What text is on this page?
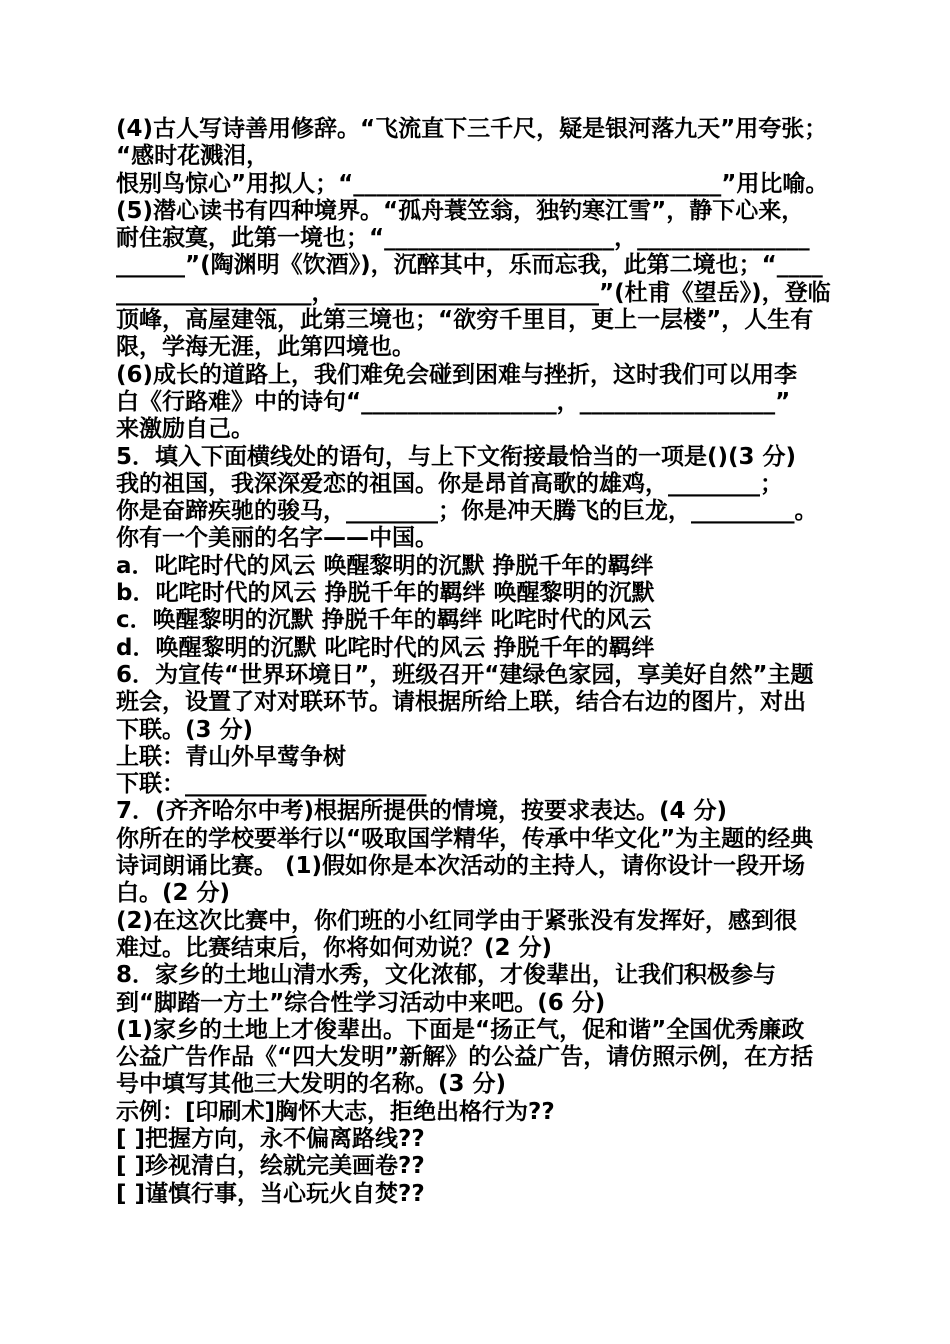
(4)古人写诗善用修辞。“飞流直下三千尺，疑是银河落九天”用夸张；
“感时花溅泪，
恨别鸟惊心”用拟人；“________________________________”用比喻。
(5)潜心读书有四种境界。“孤舟蓑笠翁，独钓寒江雪”，静下心来，
耐住寂寞，此第一境也；“____________________，_______________
______”(陶渊明《饮酒》)，沉醉其中，乐而忘我，此第二境也；“____
_________________，_______________________”(杜甫《望岳》)，登临
顶峰，高屋建瓴，此第三境也；“欲穷千里目，更上一层楼”，人生有
限，学海无涯，此第四境也。
(6)成长的道路上，我们难免会碰到困难与挫折，这时我们可以用李
白《行路难》中的诗句“_________________，_________________”
来激励自己。
5．填入下面横线处的语句，与上下文衔接最恰当的一项是()(3 分)
我的祖国，我深深爱恋的祖国。你是昂首高歌的雄鸡，________；
你是奋蹄疾驰的骏马，________；你是冲天腾飞的巨龙，_________。
你有一个美丽的名字——中国。
a．叱咤时代的风云 唤醒黎明的沉默 挣脱千年的羁绊
b．叱咤时代的风云 挣脱千年的羁绊 唤醒黎明的沉默
c．唤醒黎明的沉默 挣脱千年的羁绊 叱咤时代的风云
d．唤醒黎明的沉默 叱咤时代的风云 挣脱千年的羁绊
6．为宣传“世界环境日”，班级召开“建绿色家园，享美好自然”主题
班会，设置了对对联环节。请根据所给上联，结合右边的图片，对出
下联。(3 分)
上联：青山外早莺争树
下联：_____________________
7．(齐齐哈尔中考)根据所提供的情境，按要求表达。(4 分)
你所在的学校要举行以“吸取国学精华，传承中华文化”为主题的经典
诗词朗诵比赛。 (1)假如你是本次活动的主持人，请你设计一段开场
白。(2 分)
(2)在这次比赛中，你们班的小红同学由于紧张没有发挥好，感到很
难过。比赛结束后，你将如何劝说？(2 分)
8．家乡的土地山清水秀，文化浓郁，才俊辈出，让我们积极参与
到“脚踏一方土”综合性学习活动中来吧。(6 分)
(1)家乡的土地上才俊辈出。下面是“扬正气，促和谐”全国优秀廉政
公益广告作品《“四大发明”新解》的公益广告，请仿照示例，在方括
号中填写其他三大发明的名称。(3 分)
示例：[印刷术]胸怀大志，拒绝出格行为??
[ ]把握方向，永不偏离路线??
[ ]珍视清白，绘就完美画卷??
[ ]谨慎行事，当心玩火自焚??
